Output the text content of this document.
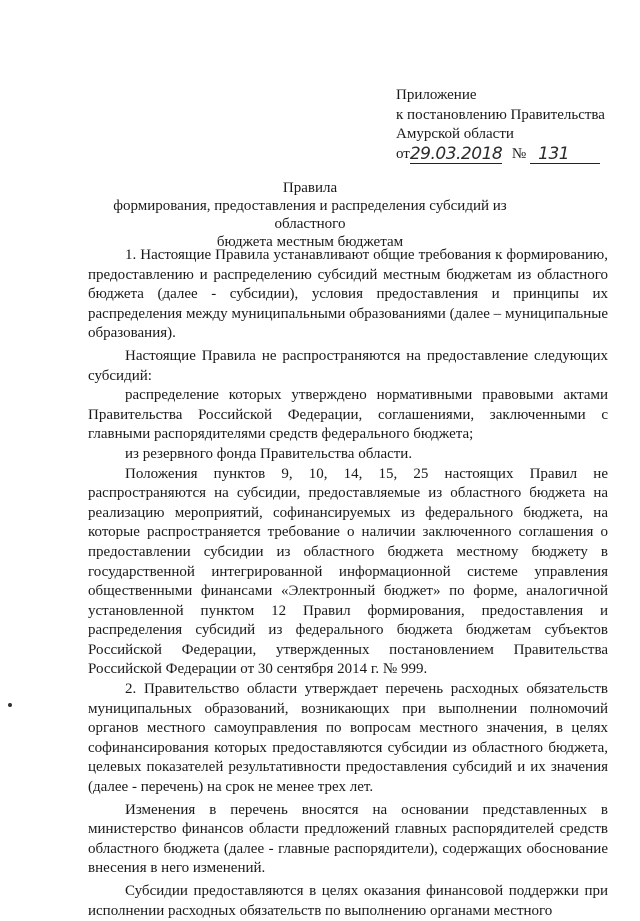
Приложение
к постановлению Правительства
Амурской области
от 29.03.2018 № 131
Правила
формирования, предоставления и распределения субсидий из областного
бюджета местным бюджетам

1. Настоящие Правила устанавливают общие требования к формированию, предоставлению и распределению субсидий местным бюджетам из областного бюджета (далее - субсидии), условия предоставления и принципы их распределения между муниципальными образованиями (далее – муниципальные образования).

Настоящие Правила не распространяются на предоставление следующих субсидий:

распределение которых утверждено нормативными правовыми актами Правительства Российской Федерации, соглашениями, заключенными с главными распорядителями средств федерального бюджета;

из резервного фонда Правительства области.

Положения пунктов 9, 10, 14, 15, 25 настоящих Правил не распространяются на субсидии, предоставляемые из областного бюджета на реализацию мероприятий, софинансируемых из федерального бюджета, на которые распространяется требование о наличии заключенного соглашения о предоставлении субсидии из областного бюджета местному бюджету в государственной интегрированной информационной системе управления общественными финансами «Электронный бюджет» по форме, аналогичной установленной пунктом 12 Правил формирования, предоставления и распределения субсидий из федерального бюджета бюджетам субъектов Российской Федерации, утвержденных постановлением Правительства Российской Федерации от 30 сентября 2014 г. № 999.

2. Правительство области утверждает перечень расходных обязательств муниципальных образований, возникающих при выполнении полномочий органов местного самоуправления по вопросам местного значения, в целях софинансирования которых предоставляются субсидии из областного бюджета, целевых показателей результативности предоставления субсидий и их значения (далее - перечень) на срок не менее трех лет.

Изменения в перечень вносятся на основании представленных в министерство финансов области предложений главных распорядителей средств областного бюджета (далее - главные распорядители), содержащих обоснование внесения в него изменений.

Субсидии предоставляются в целях оказания финансовой поддержки при исполнении расходных обязательств по выполнению органами местного
